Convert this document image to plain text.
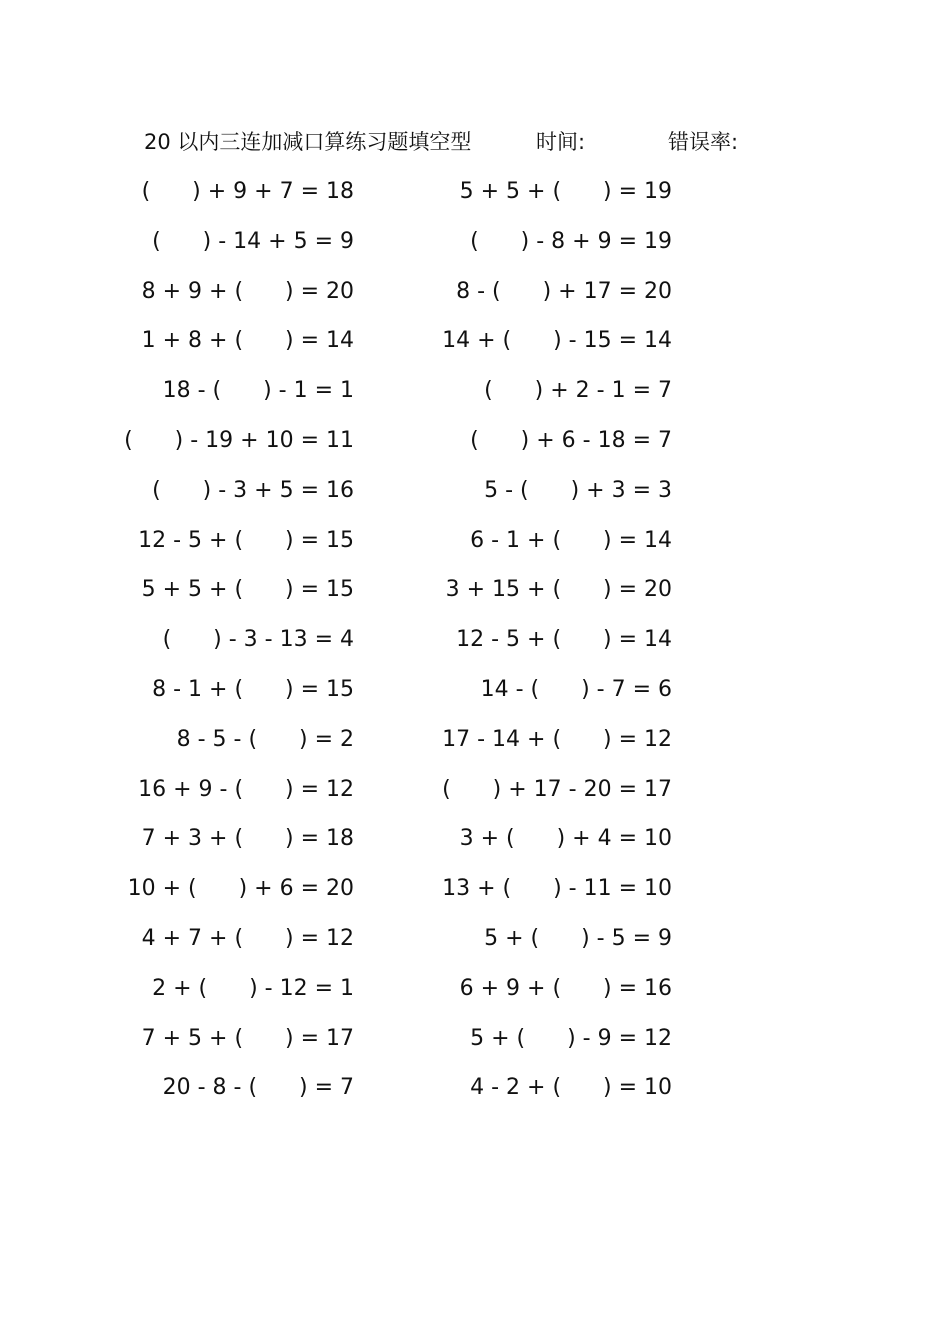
20 以内三连加减口算练习题填空型	时间:	错误率:
(      ) + 9 + 7 = 18	5 + 5 + (      ) = 19
(      ) - 14 + 5 = 9	(      ) - 8 + 9 = 19
8 + 9 + (      ) = 20	8 - (      ) + 17 = 20
1 + 8 + (      ) = 14	14 + (      ) - 15 = 14
18 - (      ) - 1 = 1	(      ) + 2 - 1 = 7
(      ) - 19 + 10 = 11	(      ) + 6 - 18 = 7
(      ) - 3 + 5 = 16	5 - (      ) + 3 = 3
12 - 5 + (      ) = 15	6 - 1 + (      ) = 14
5 + 5 + (      ) = 15	3 + 15 + (      ) = 20
(      ) - 3 - 13 = 4	12 - 5 + (      ) = 14
8 - 1 + (      ) = 15	14 - (      ) - 7 = 6
8 - 5 - (      ) = 2	17 - 14 + (      ) = 12
16 + 9 - (      ) = 12	(      ) + 17 - 20 = 17
7 + 3 + (      ) = 18	3 + (      ) + 4 = 10
10 + (      ) + 6 = 20	13 + (      ) - 11 = 10
4 + 7 + (      ) = 12	5 + (      ) - 5 = 9
2 + (      ) - 12 = 1	6 + 9 + (      ) = 16
7 + 5 + (      ) = 17	5 + (      ) - 9 = 12
20 - 8 - (      ) = 7	4 - 2 + (      ) = 10
